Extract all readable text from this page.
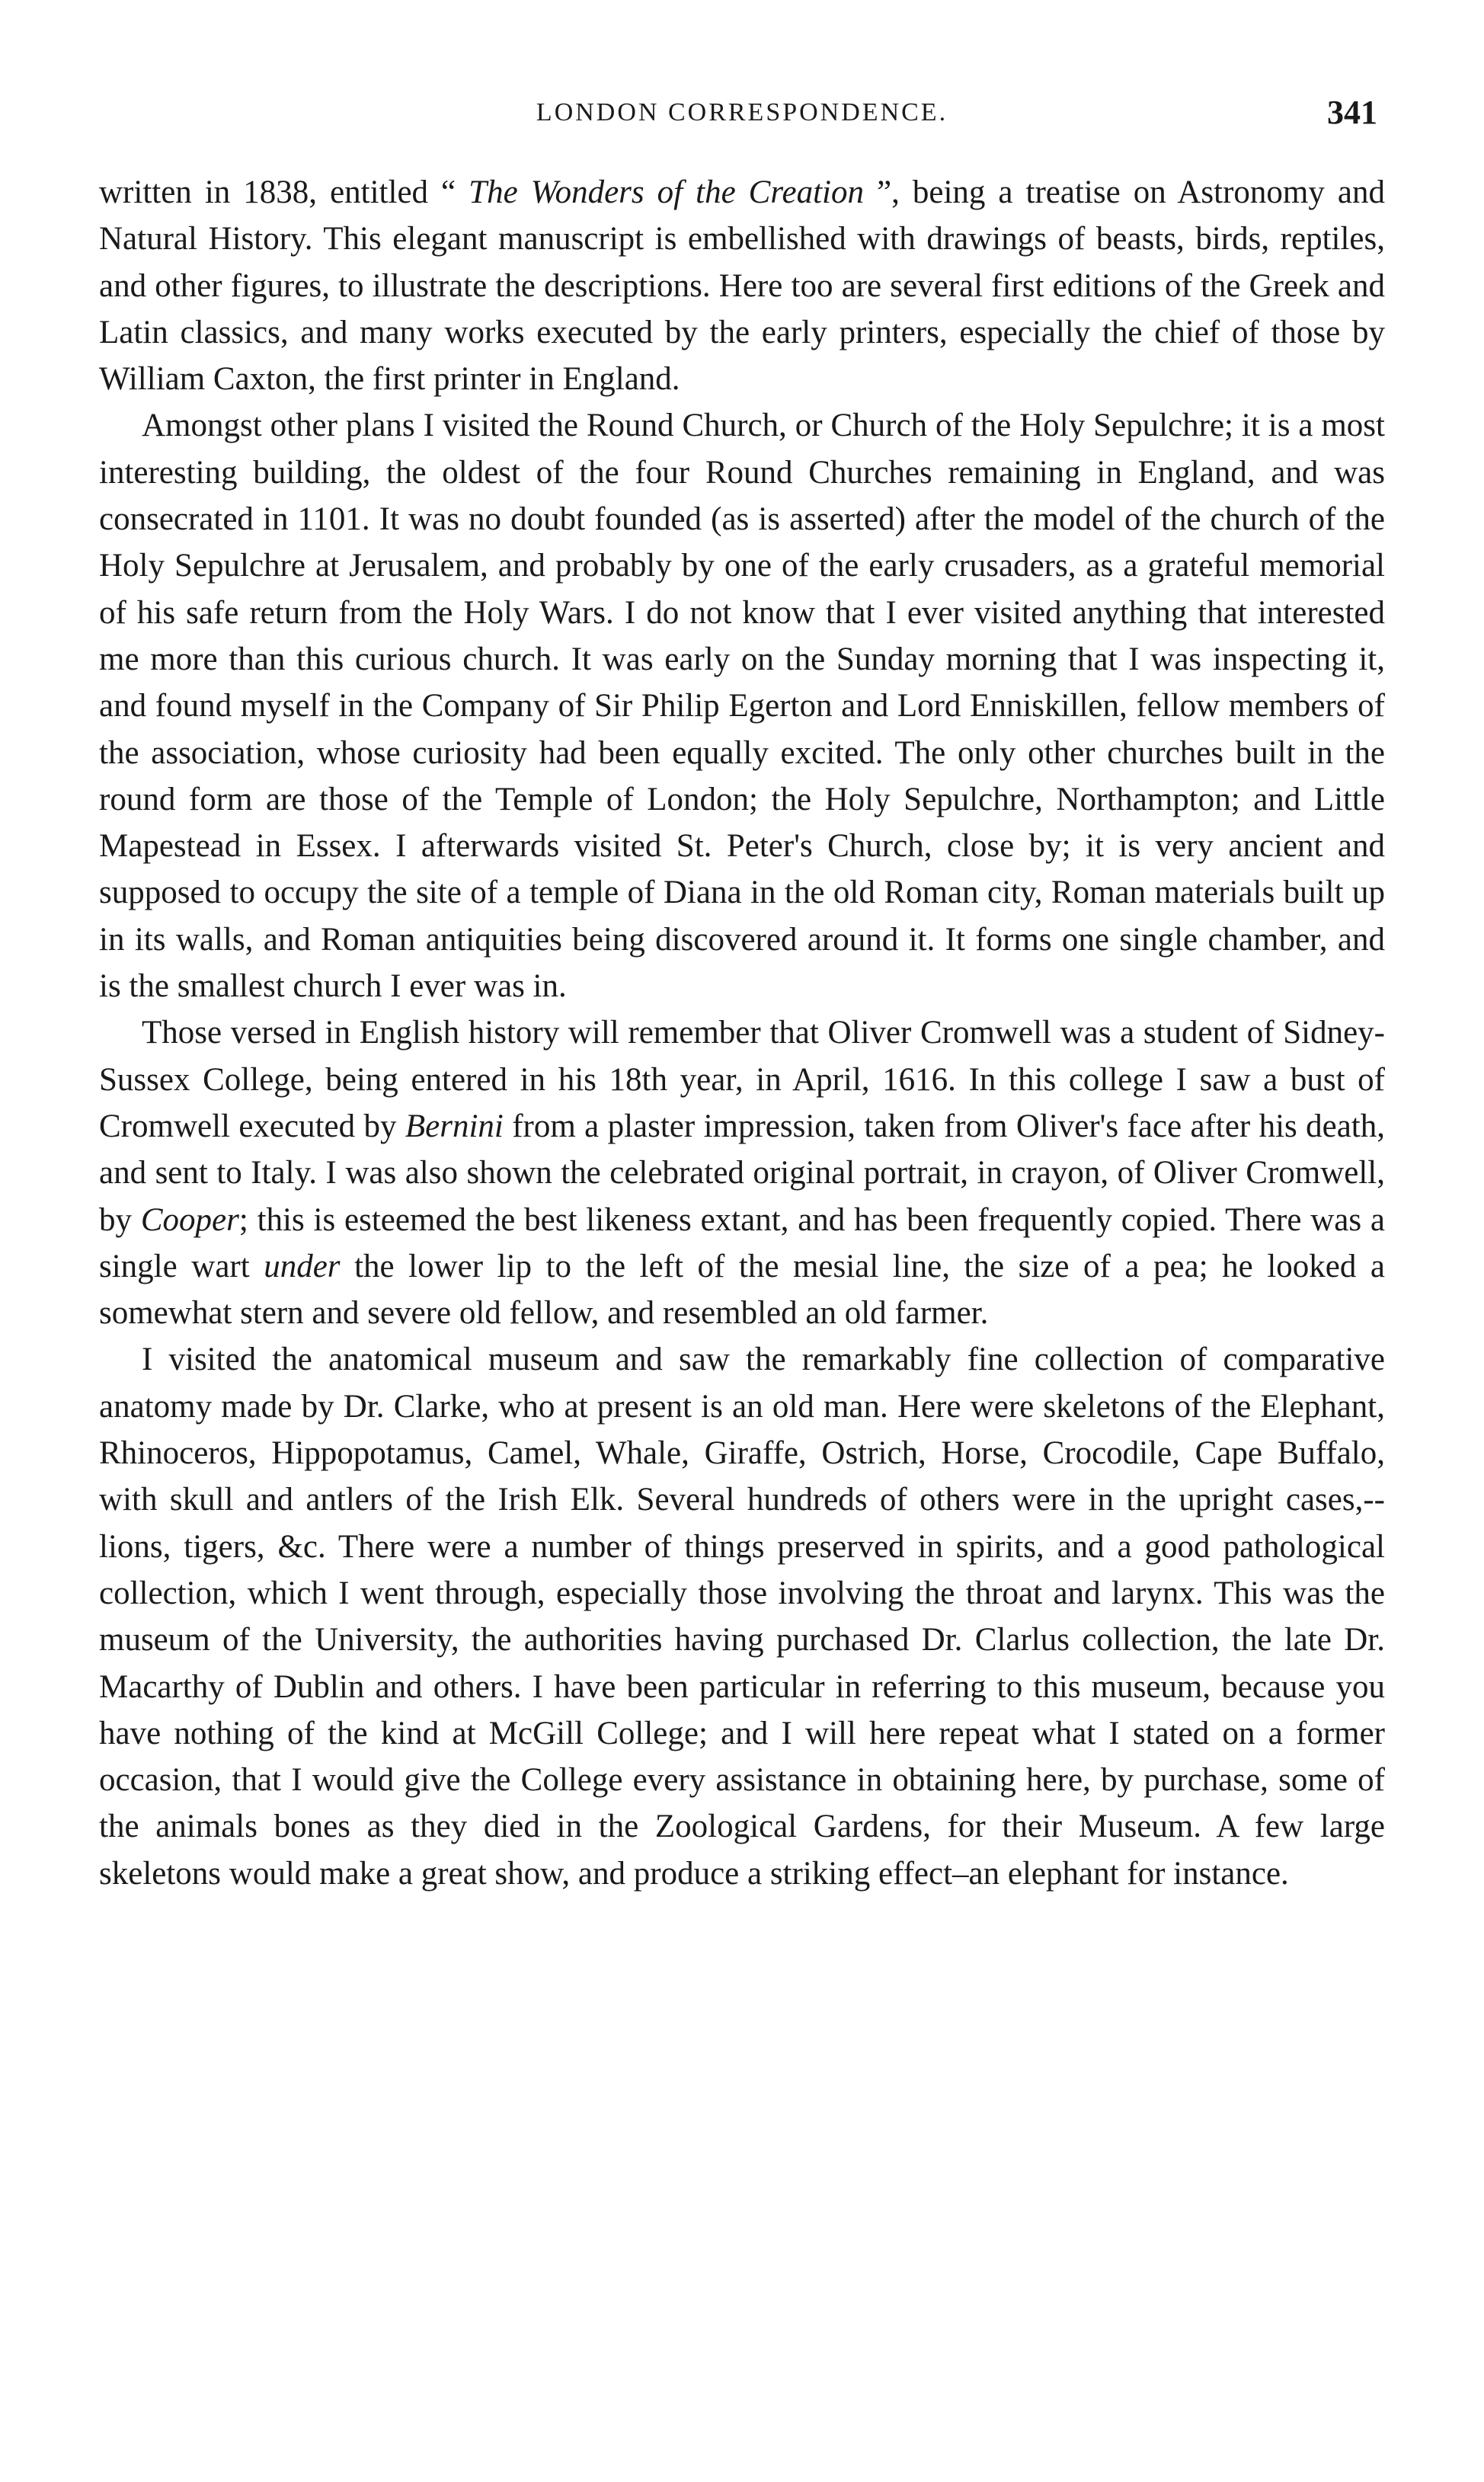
LONDON CORRESPONDENCE.	341

written in 1838, entitled “ The Wonders of the Creation ”, being a treatise on Astronomy and Natural History. This elegant manuscript is embellished with drawings of beasts, birds, reptiles, and other figures, to illustrate the descriptions. Here too are several first editions of the Greek and Latin classics, and many works executed by the early printers, especially the chief of those by William Caxton, the first printer in England.

Amongst other plans I visited the Round Church, or Church of the Holy Sepulchre; it is a most interesting building, the oldest of the four Round Churches remaining in England, and was consecrated in 1101. It was no doubt founded (as is asserted) after the model of the church of the Holy Sepulchre at Jerusalem, and probably by one of the early crusaders, as a grateful memorial of his safe return from the Holy Wars. I do not know that I ever visited anything that interested me more than this curious church. It was early on the Sunday morning that I was inspecting it, and found myself in the Company of Sir Philip Egerton and Lord Enniskillen, fellow members of the association, whose curiosity had been equally excited. The only other churches built in the round form are those of the Temple of London; the Holy Sepulchre, Northampton; and Little Mapestead in Essex. I afterwards visited St. Peter's Church, close by; it is very ancient and supposed to occupy the site of a temple of Diana in the old Roman city, Roman materials built up in its walls, and Roman antiquities being discovered around it. It forms one single chamber, and is the smallest church I ever was in.

Those versed in English history will remember that Oliver Cromwell was a student of Sidney-Sussex College, being entered in his 18th year, in April, 1616. In this college I saw a bust of Cromwell executed by Bernini from a plaster impression, taken from Oliver's face after his death, and sent to Italy. I was also shown the celebrated original portrait, in crayon, of Oliver Cromwell, by Cooper; this is esteemed the best likeness extant, and has been frequently copied. There was a single wart under the lower lip to the left of the mesial line, the size of a pea; he looked a somewhat stern and severe old fellow, and resembled an old farmer.

I visited the anatomical museum and saw the remarkably fine collection of comparative anatomy made by Dr. Clarke, who at present is an old man. Here were skeletons of the Elephant, Rhinoceros, Hippopotamus, Camel, Whale, Giraffe, Ostrich, Horse, Crocodile, Cape Buffalo, with skull and antlers of the Irish Elk. Several hundreds of others were in the upright cases,--lions, tigers, &c. There were a number of things preserved in spirits, and a good pathological collection, which I went through, especially those involving the throat and larynx. This was the museum of the University, the authorities having purchased Dr. Clarlus collection, the late Dr. Macarthy of Dublin and others. I have been particular in referring to this museum, because you have nothing of the kind at McGill College; and I will here repeat what I stated on a former occasion, that I would give the College every assistance in obtaining here, by purchase, some of the animals bones as they died in the Zoological Gardens, for their Museum. A few large skeletons would make a great show, and produce a striking effect–an elephant for instance.
